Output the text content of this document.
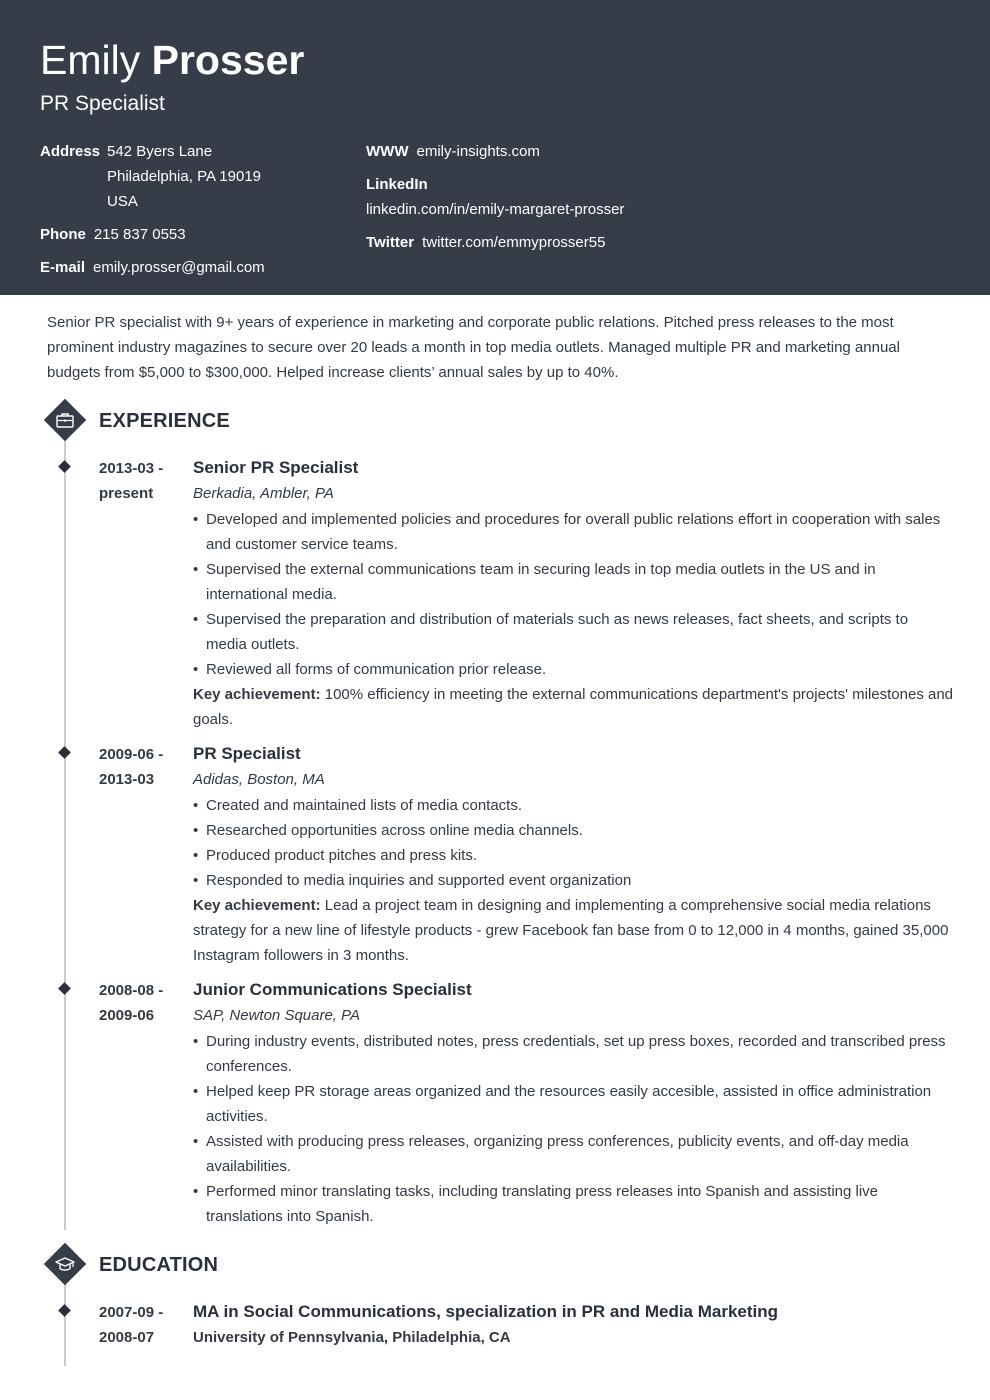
Emily Prosser
PR Specialist
Address 542 Byers Lane
Philadelphia, PA 19019
USA
Phone 215 837 0553
E-mail emily.prosser@gmail.com
WWW emily-insights.com
LinkedIn
linkedin.com/in/emily-margaret-prosser
Twitter twitter.com/emmyprosser55
Senior PR specialist with 9+ years of experience in marketing and corporate public relations. Pitched press releases to the most prominent industry magazines to secure over 20 leads a month in top media outlets. Managed multiple PR and marketing annual budgets from $5,000 to $300,000. Helped increase clients’ annual sales by up to 40%.
EXPERIENCE
2013-03 -
present
Senior PR Specialist
Berkadia, Ambler, PA
• Developed and implemented policies and procedures for overall public relations effort in cooperation with sales and customer service teams.
• Supervised the external communications team in securing leads in top media outlets in the US and in international media.
• Supervised the preparation and distribution of materials such as news releases, fact sheets, and scripts to media outlets.
• Reviewed all forms of communication prior release.
Key achievement: 100% efficiency in meeting the external communications department's projects' milestones and goals.
2009-06 -
2013-03
PR Specialist
Adidas, Boston, MA
• Created and maintained lists of media contacts.
• Researched opportunities across online media channels.
• Produced product pitches and press kits.
• Responded to media inquiries and supported event organization
Key achievement: Lead a project team in designing and implementing a comprehensive social media relations strategy for a new line of lifestyle products - grew Facebook fan base from 0 to 12,000 in 4 months, gained 35,000 Instagram followers in 3 months.
2008-08 -
2009-06
Junior Communications Specialist
SAP, Newton Square, PA
• During industry events, distributed notes, press credentials, set up press boxes, recorded and transcribed press conferences.
• Helped keep PR storage areas organized and the resources easily accesible, assisted in office administration activities.
• Assisted with producing press releases, organizing press conferences, publicity events, and off-day media availabilities.
• Performed minor translating tasks, including translating press releases into Spanish and assisting live translations into Spanish.
EDUCATION
2007-09 -
2008-07
MA in Social Communications, specialization in PR and Media Marketing
University of Pennsylvania, Philadelphia, CA
